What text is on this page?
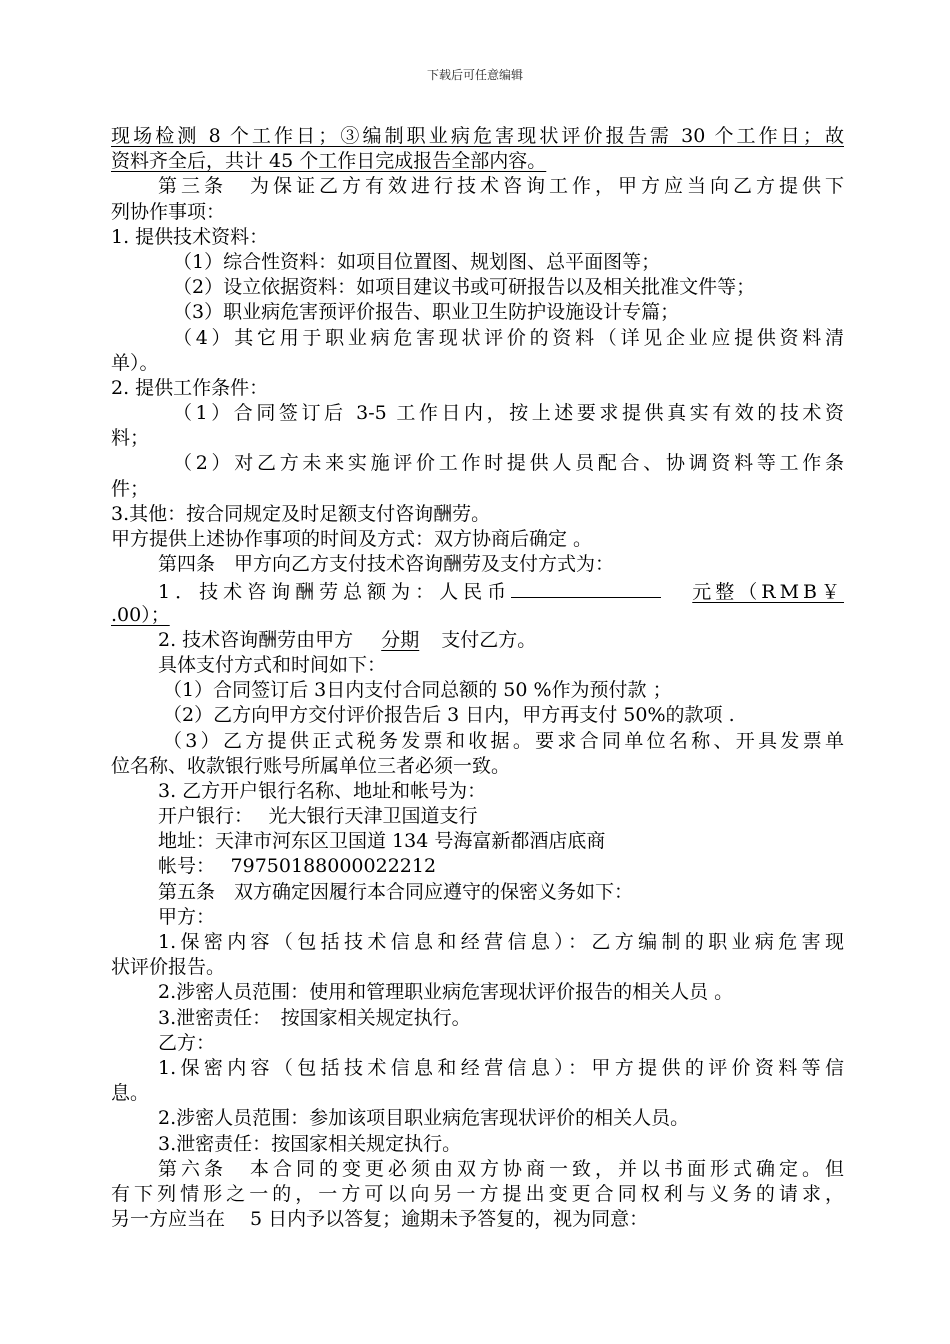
下载后可任意编辑
现场检测 8 个工作日；③编制职业病危害现状评价报告需 30 个工作日；故
资料齐全后，共计 45 个工作日完成报告全部内容。
第三条　为保证乙方有效进行技术咨询工作，甲方应当向乙方提供下
列协作事项：
1. 提供技术资料：
（1）综合性资料：如项目位置图、规划图、总平面图等；
（2）设立依据资料：如项目建议书或可研报告以及相关批准文件等；
（3）职业病危害预评价报告、职业卫生防护设施设计专篇；
（4）其它用于职业病危害现状评价的资料（详见企业应提供资料清
单）。
2. 提供工作条件：
（1）合同签订后 3-5 工作日内，按上述要求提供真实有效的技术资
料；
（2）对乙方未来实施评价工作时提供人员配合、协调资料等工作条
件；
3.其他：按合同规定及时足额支付咨询酬劳。
甲方提供上述协作事项的时间及方式：双方协商后确定 。
第四条　甲方向乙方支付技术咨询酬劳及支付方式为：
1．技术咨询酬劳总额为：人民币	元整（RMB￥
.00）；
2. 技术咨询酬劳由甲方 分期 支付乙方。
具体支付方式和时间如下：
（1）合同签订后 3日内支付合同总额的 50 %作为预付款 ；
（2）乙方向甲方交付评价报告后 3 日内，甲方再支付 50%的款项 .
（3）乙方提供正式税务发票和收据。要求合同单位名称、开具发票单
位名称、收款银行账号所属单位三者必须一致。
3. 乙方开户银行名称、地址和帐号为：
开户银行：　 光大银行天津卫国道支行
地址：天津市河东区卫国道 134 号海富新都酒店底商
帐号：　 79750188000022212
第五条　双方确定因履行本合同应遵守的保密义务如下：
甲方：
1.保密内容（包括技术信息和经营信息）：乙方编制的职业病危害现
状评价报告。
2.涉密人员范围：使用和管理职业病危害现状评价报告的相关人员 。
3.泄密责任：　按国家相关规定执行。
乙方：
1.保密内容（包括技术信息和经营信息）：甲方提供的评价资料等信
息。
2.涉密人员范围：参加该项目职业病危害现状评价的相关人员。
3.泄密责任：按国家相关规定执行。
第六条　本合同的变更必须由双方协商一致，并以书面形式确定。但
有下列情形之一的，一方可以向另一方提出变更合同权利与义务的请求，
另一方应当在　 5 日内予以答复；逾期未予答复的，视为同意：
